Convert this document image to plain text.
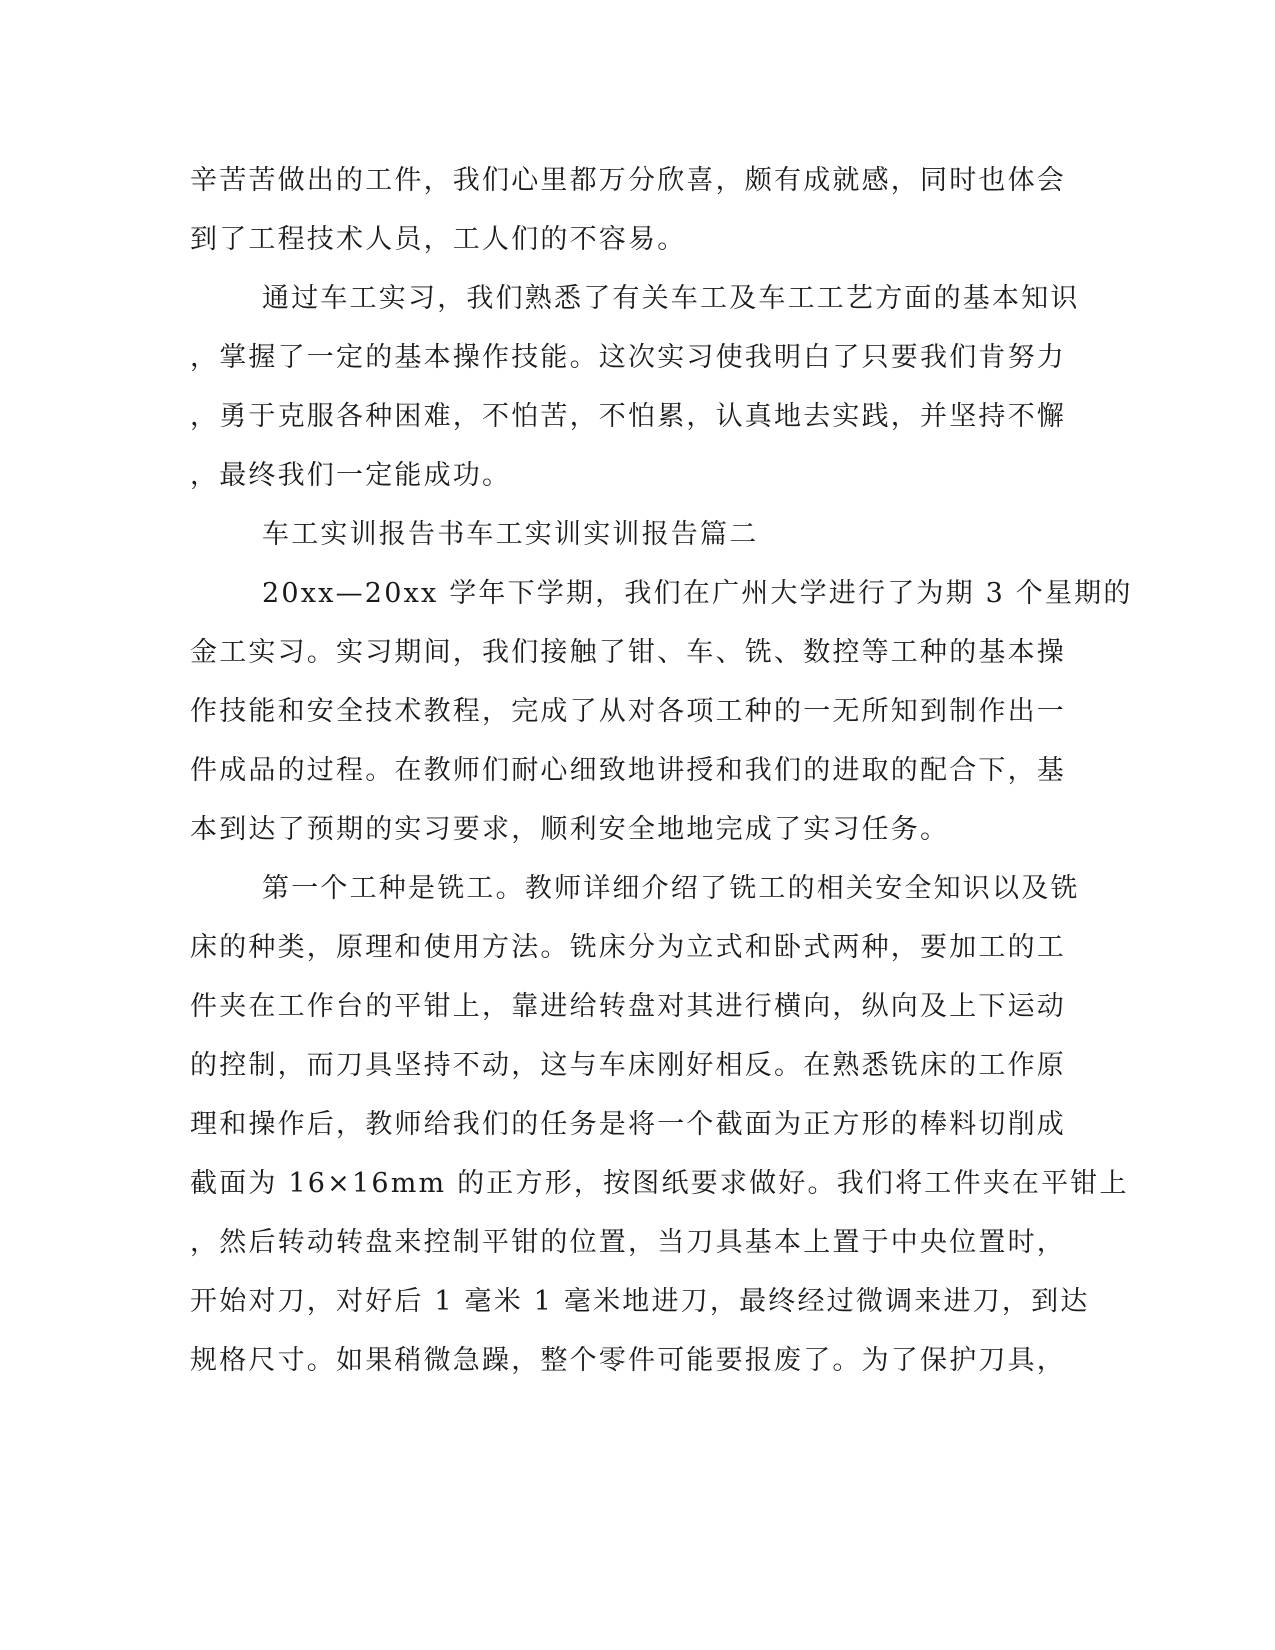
辛苦苦做出的工件，我们心里都万分欣喜，颇有成就感，同时也体会
到了工程技术人员，工人们的不容易。
通过车工实习，我们熟悉了有关车工及车工工艺方面的基本知识
，掌握了一定的基本操作技能。这次实习使我明白了只要我们肯努力
，勇于克服各种困难，不怕苦，不怕累，认真地去实践，并坚持不懈
，最终我们一定能成功。
车工实训报告书车工实训实训报告篇二
20xx—20xx 学年下学期，我们在广州大学进行了为期 3 个星期的
金工实习。实习期间，我们接触了钳、车、铣、数控等工种的基本操
作技能和安全技术教程，完成了从对各项工种的一无所知到制作出一
件成品的过程。在教师们耐心细致地讲授和我们的进取的配合下，基
本到达了预期的实习要求，顺利安全地地完成了实习任务。
第一个工种是铣工。教师详细介绍了铣工的相关安全知识以及铣
床的种类，原理和使用方法。铣床分为立式和卧式两种，要加工的工
件夹在工作台的平钳上，靠进给转盘对其进行横向，纵向及上下运动
的控制，而刀具坚持不动，这与车床刚好相反。在熟悉铣床的工作原
理和操作后，教师给我们的任务是将一个截面为正方形的棒料切削成
截面为 16×16mm 的正方形，按图纸要求做好。我们将工件夹在平钳上
，然后转动转盘来控制平钳的位置，当刀具基本上置于中央位置时，
开始对刀，对好后 1 毫米 1 毫米地进刀，最终经过微调来进刀，到达
规格尺寸。如果稍微急躁，整个零件可能要报废了。为了保护刀具，
